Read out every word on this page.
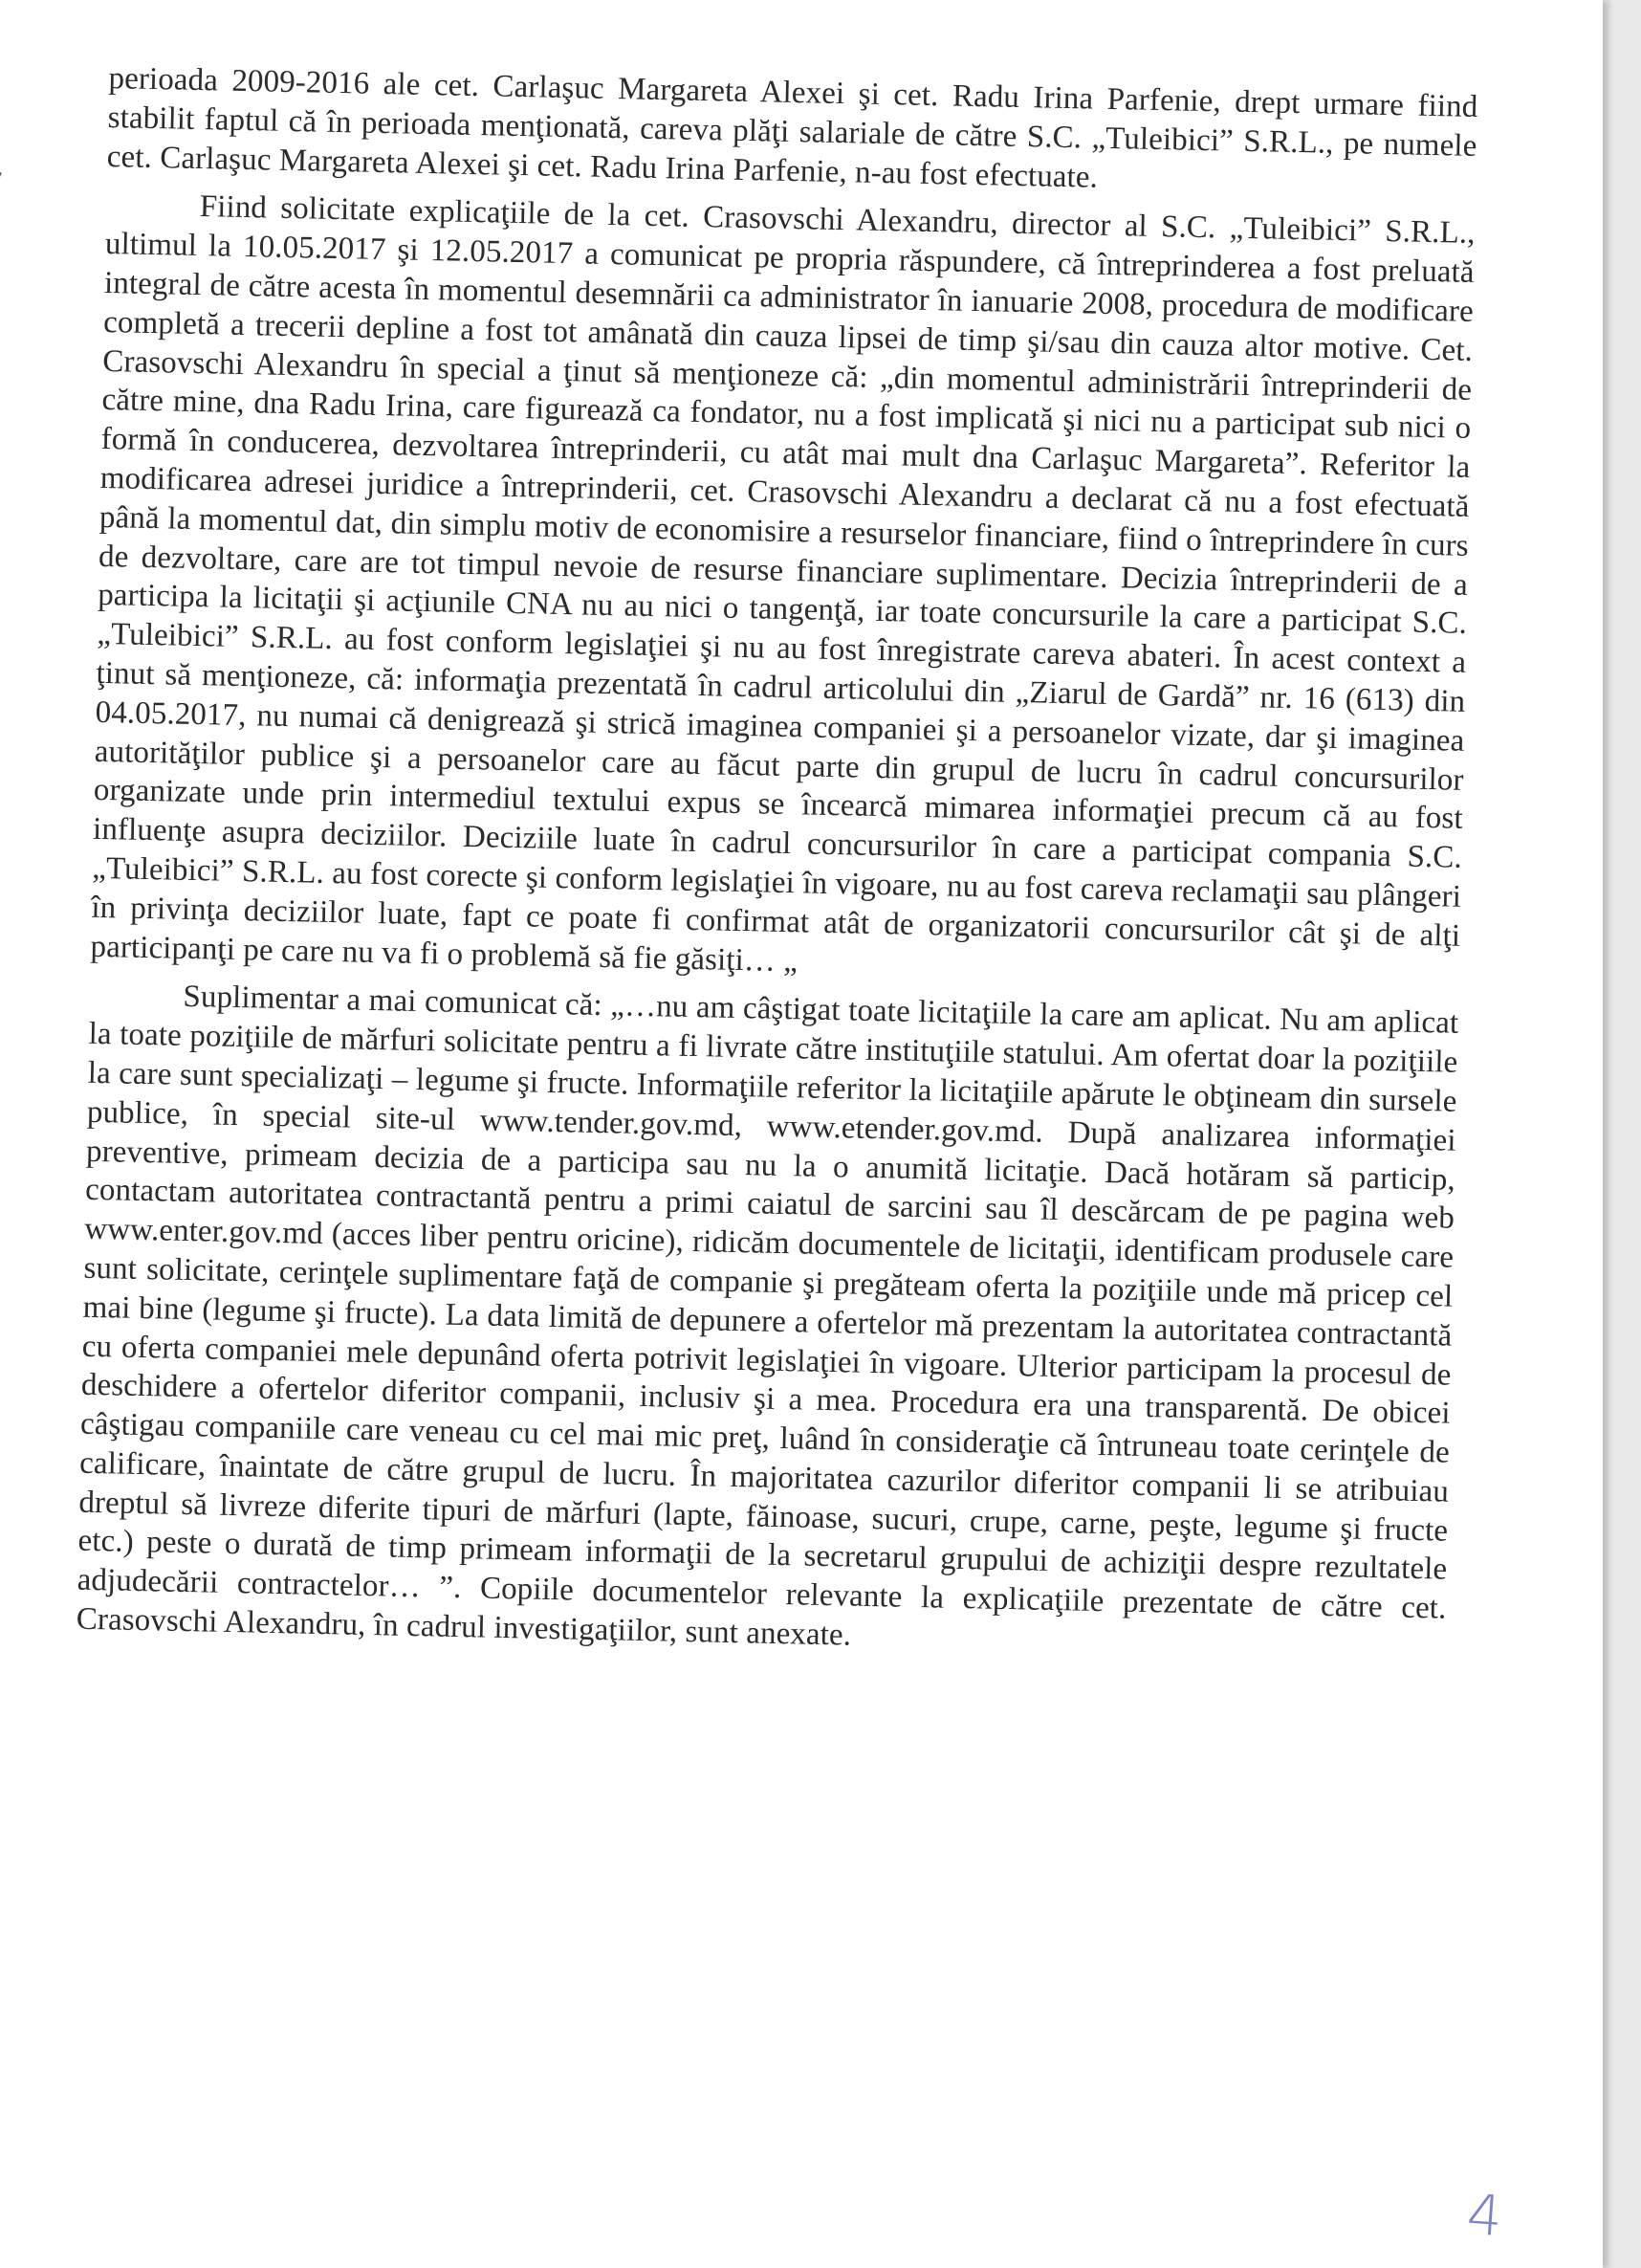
perioada 2009-2016 ale cet. Carlaşuc Margareta Alexei şi cet. Radu Irina Parfenie, drept urmare fiind stabilit faptul că în perioada menţionată, careva plăţi salariale de către S.C. „Tuleibici” S.R.L., pe numele cet. Carlaşuc Margareta Alexei şi cet. Radu Irina Parfenie, n-au fost efectuate.

Fiind solicitate explicaţiile de la cet. Crasovschi Alexandru, director al S.C. „Tuleibici” S.R.L., ultimul la 10.05.2017 şi 12.05.2017 a comunicat pe propria răspundere, că întreprinderea a fost preluată integral de către acesta în momentul desemnării ca administrator în ianuarie 2008, procedura de modificare completă a trecerii depline a fost tot amânată din cauza lipsei de timp şi/sau din cauza altor motive. Cet. Crasovschi Alexandru în special a ţinut să menţioneze că: „din momentul administrării întreprinderii de către mine, dna Radu Irina, care figurează ca fondator, nu a fost implicată şi nici nu a participat sub nici o formă în conducerea, dezvoltarea întreprinderii, cu atât mai mult dna Carlaşuc Margareta”. Referitor la modificarea adresei juridice a întreprinderii, cet. Crasovschi Alexandru a declarat că nu a fost efectuată până la momentul dat, din simplu motiv de economisire a resurselor financiare, fiind o întreprindere în curs de dezvoltare, care are tot timpul nevoie de resurse financiare suplimentare. Decizia întreprinderii de a participa la licitaţii şi acţiunile CNA nu au nici o tangenţă, iar toate concursurile la care a participat S.C. „Tuleibici” S.R.L. au fost conform legislaţiei şi nu au fost înregistrate careva abateri. În acest context a ţinut să menţioneze, că: informaţia prezentată în cadrul articolului din „Ziarul de Gardă” nr. 16 (613) din 04.05.2017, nu numai că denigrează şi strică imaginea companiei şi a persoanelor vizate, dar şi imaginea autorităţilor publice şi a persoanelor care au făcut parte din grupul de lucru în cadrul concursurilor organizate unde prin intermediul textului expus se încearcă mimarea informaţiei precum că au fost influenţe asupra deciziilor. Deciziile luate în cadrul concursurilor în care a participat compania S.C. „Tuleibici” S.R.L. au fost corecte şi conform legislaţiei în vigoare, nu au fost careva reclamaţii sau plângeri în privinţa deciziilor luate, fapt ce poate fi confirmat atât de organizatorii concursurilor cât şi de alţi participanţi pe care nu va fi o problemă să fie găsiţi… „

Suplimentar a mai comunicat că: „…nu am câştigat toate licitaţiile la care am aplicat. Nu am aplicat la toate poziţiile de mărfuri solicitate pentru a fi livrate către instituţiile statului. Am ofertat doar la poziţiile la care sunt specializaţi – legume şi fructe. Informaţiile referitor la licitaţiile apărute le obţineam din sursele publice, în special site-ul www.tender.gov.md, www.etender.gov.md. După analizarea informaţiei preventive, primeam decizia de a participa sau nu la o anumită licitaţie. Dacă hotăram să particip, contactam autoritatea contractantă pentru a primi caiatul de sarcini sau îl descărcam de pe pagina web www.enter.gov.md (acces liber pentru oricine), ridicăm documentele de licitaţii, identificam produsele care sunt solicitate, cerinţele suplimentare faţă de companie şi pregăteam oferta la poziţiile unde mă pricep cel mai bine (legume şi fructe). La data limită de depunere a ofertelor mă prezentam la autoritatea contractantă cu oferta companiei mele depunând oferta potrivit legislaţiei în vigoare. Ulterior participam la procesul de deschidere a ofertelor diferitor companii, inclusiv şi a mea. Procedura era una transparentă. De obicei câştigau companiile care veneau cu cel mai mic preţ, luând în consideraţie că întruneau toate cerinţele de calificare, înaintate de către grupul de lucru. În majoritatea cazurilor diferitor companii li se atribuiau dreptul să livreze diferite tipuri de mărfuri (lapte, făinoase, sucuri, crupe, carne, peşte, legume şi fructe etc.) peste o durată de timp primeam informaţii de la secretarul grupului de achiziţii despre rezultatele adjudecării contractelor… ”. Copiile documentelor relevante la explicaţiile prezentate de către cet. Crasovschi Alexandru, în cadrul investigaţiilor, sunt anexate.

4
